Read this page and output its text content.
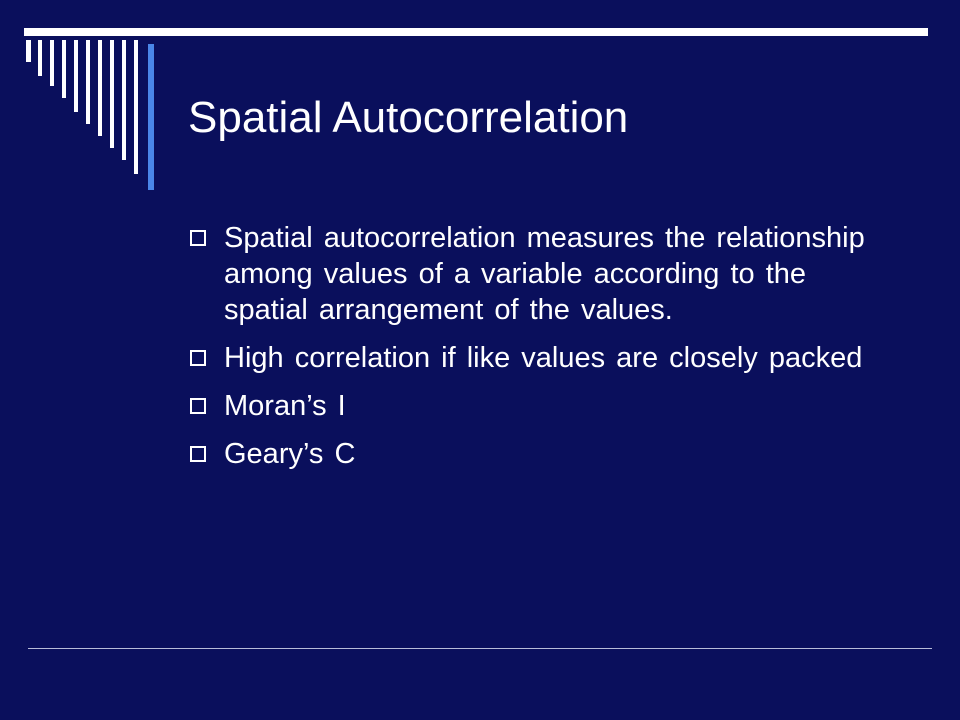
Spatial Autocorrelation
Spatial autocorrelation measures the relationship among values of a variable according to the spatial arrangement of the values.
High correlation if like values are closely packed
Moran’s I
Geary’s C
